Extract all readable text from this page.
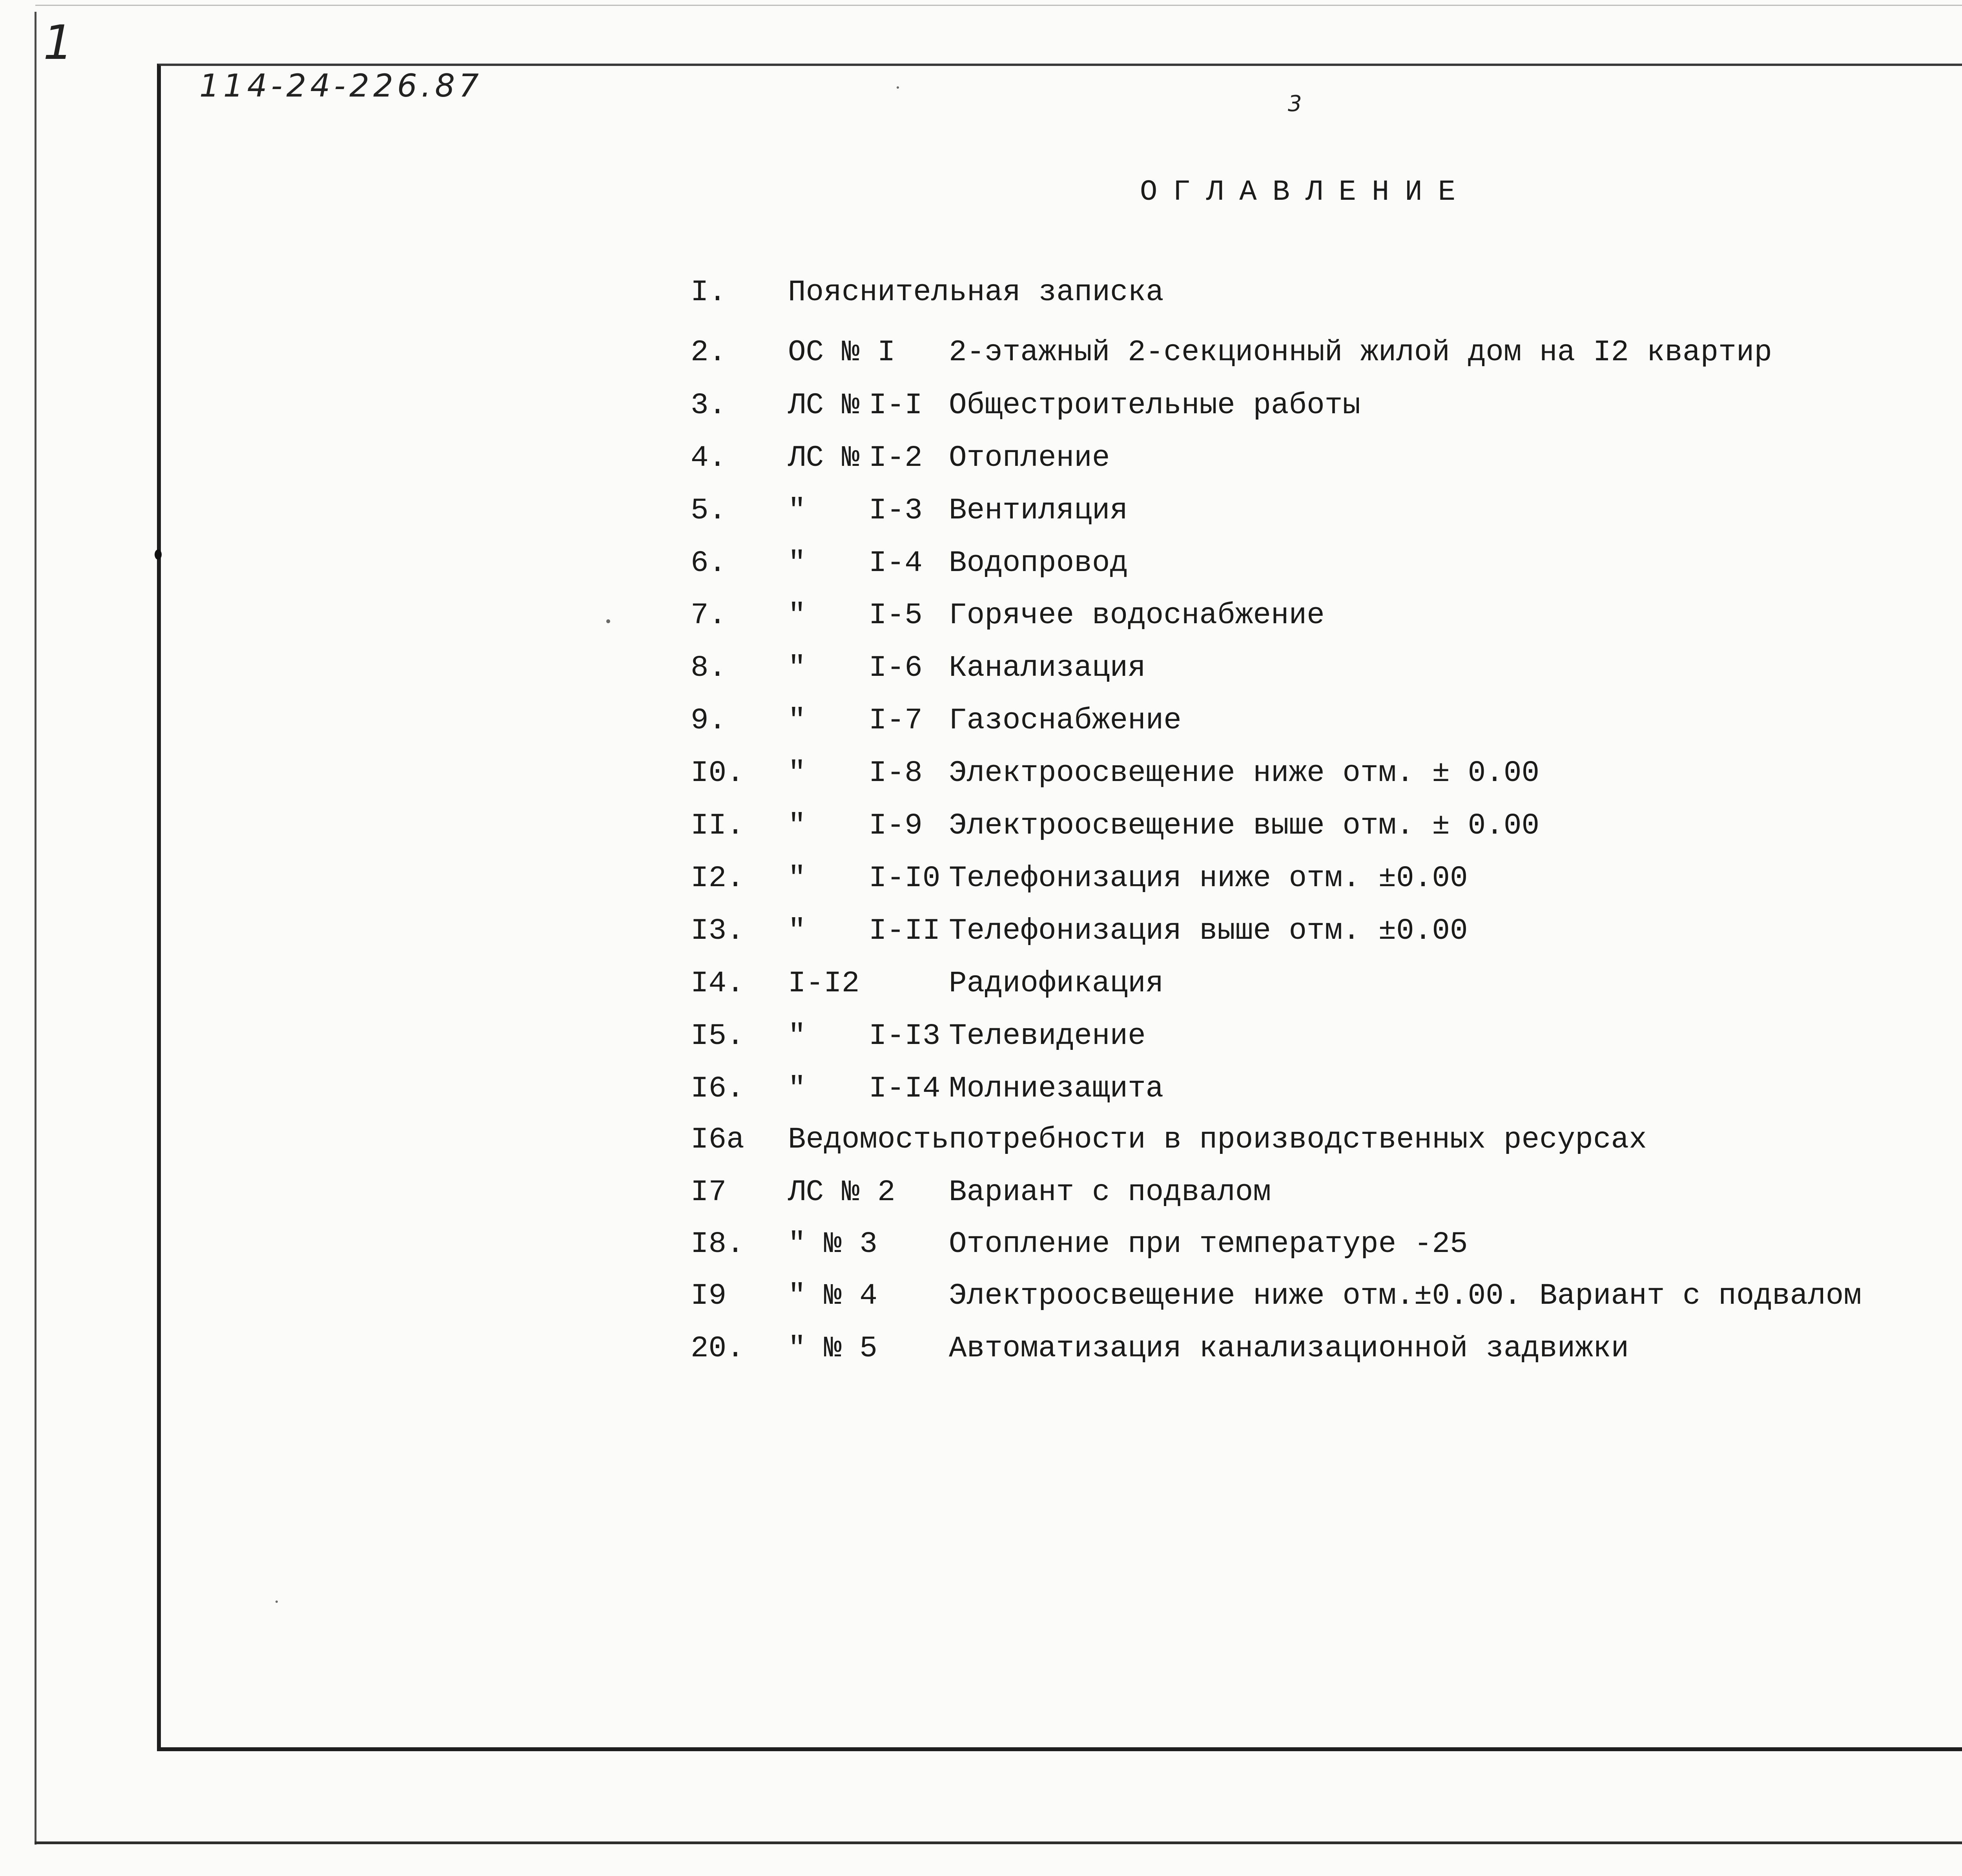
1
114-24-226.87	3
ОГЛАВЛЕНИЕ
I. Пояснительная записка
2. ОС № I 2-этажный 2-секционный жилой дом на I2 квартир
3. ЛС № I-I Общестроительные работы
4. ЛС № I-2 Отопление
5. " I-3 Вентиляция
6. " I-4 Водопровод
7. " I-5 Горячее водоснабжение
8. " I-6 Канализация
9. " I-7 Газоснабжение
I0. " I-8 Электроосвещение ниже отм. ± 0.00
II. " I-9 Электроосвещение выше отм. ± 0.00
I2. " I-I0 Телефонизация ниже отм. ±0.00
I3. " I-II Телефонизация выше отм. ±0.00
I4. I-I2	Радиофикация
I5. " I-I3 Телевидение
I6. " I-I4 Молниезащита
I6а Ведомость потребности в производственных ресурсах
I7 ЛС № 2 Вариант с подвалом
I8. " № 3 Отопление при температуре -25
I9 " № 4 Электроосвещение ниже отм.±0.00. Вариант с подвалом
20. " № 5 Автоматизация канализационной задвижки
